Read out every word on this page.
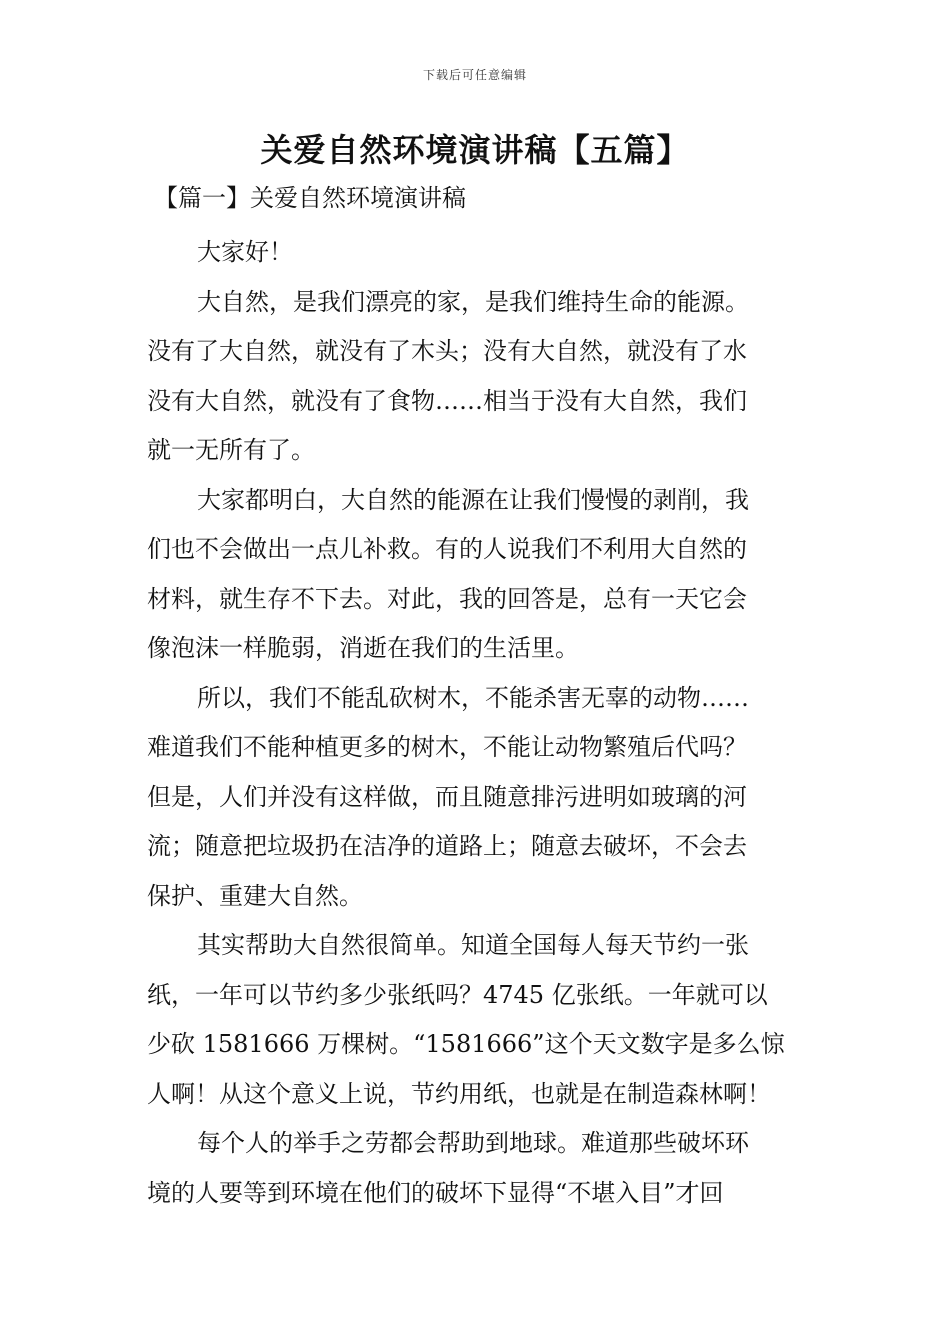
下载后可任意编辑
关爱自然环境演讲稿【五篇】
【篇一】关爱自然环境演讲稿
大家好！
大自然，是我们漂亮的家，是我们维持生命的能源。
没有了大自然，就没有了木头；没有大自然，就没有了水
没有大自然，就没有了食物……相当于没有大自然，我们
就一无所有了。
大家都明白，大自然的能源在让我们慢慢的剥削，我
们也不会做出一点儿补救。有的人说我们不利用大自然的
材料，就生存不下去。对此，我的回答是，总有一天它会
像泡沫一样脆弱，消逝在我们的生活里。
所以，我们不能乱砍树木，不能杀害无辜的动物……
难道我们不能种植更多的树木，不能让动物繁殖后代吗？
但是，人们并没有这样做，而且随意排污进明如玻璃的河
流；随意把垃圾扔在洁净的道路上；随意去破坏，不会去
保护、重建大自然。
其实帮助大自然很简单。知道全国每人每天节约一张
纸，一年可以节约多少张纸吗？4745 亿张纸。一年就可以
少砍 1581666 万棵树。“1581666”这个天文数字是多么惊
人啊！从这个意义上说，节约用纸，也就是在制造森林啊！
每个人的举手之劳都会帮助到地球。难道那些破坏环
境的人要等到环境在他们的破坏下显得“不堪入目”才回
